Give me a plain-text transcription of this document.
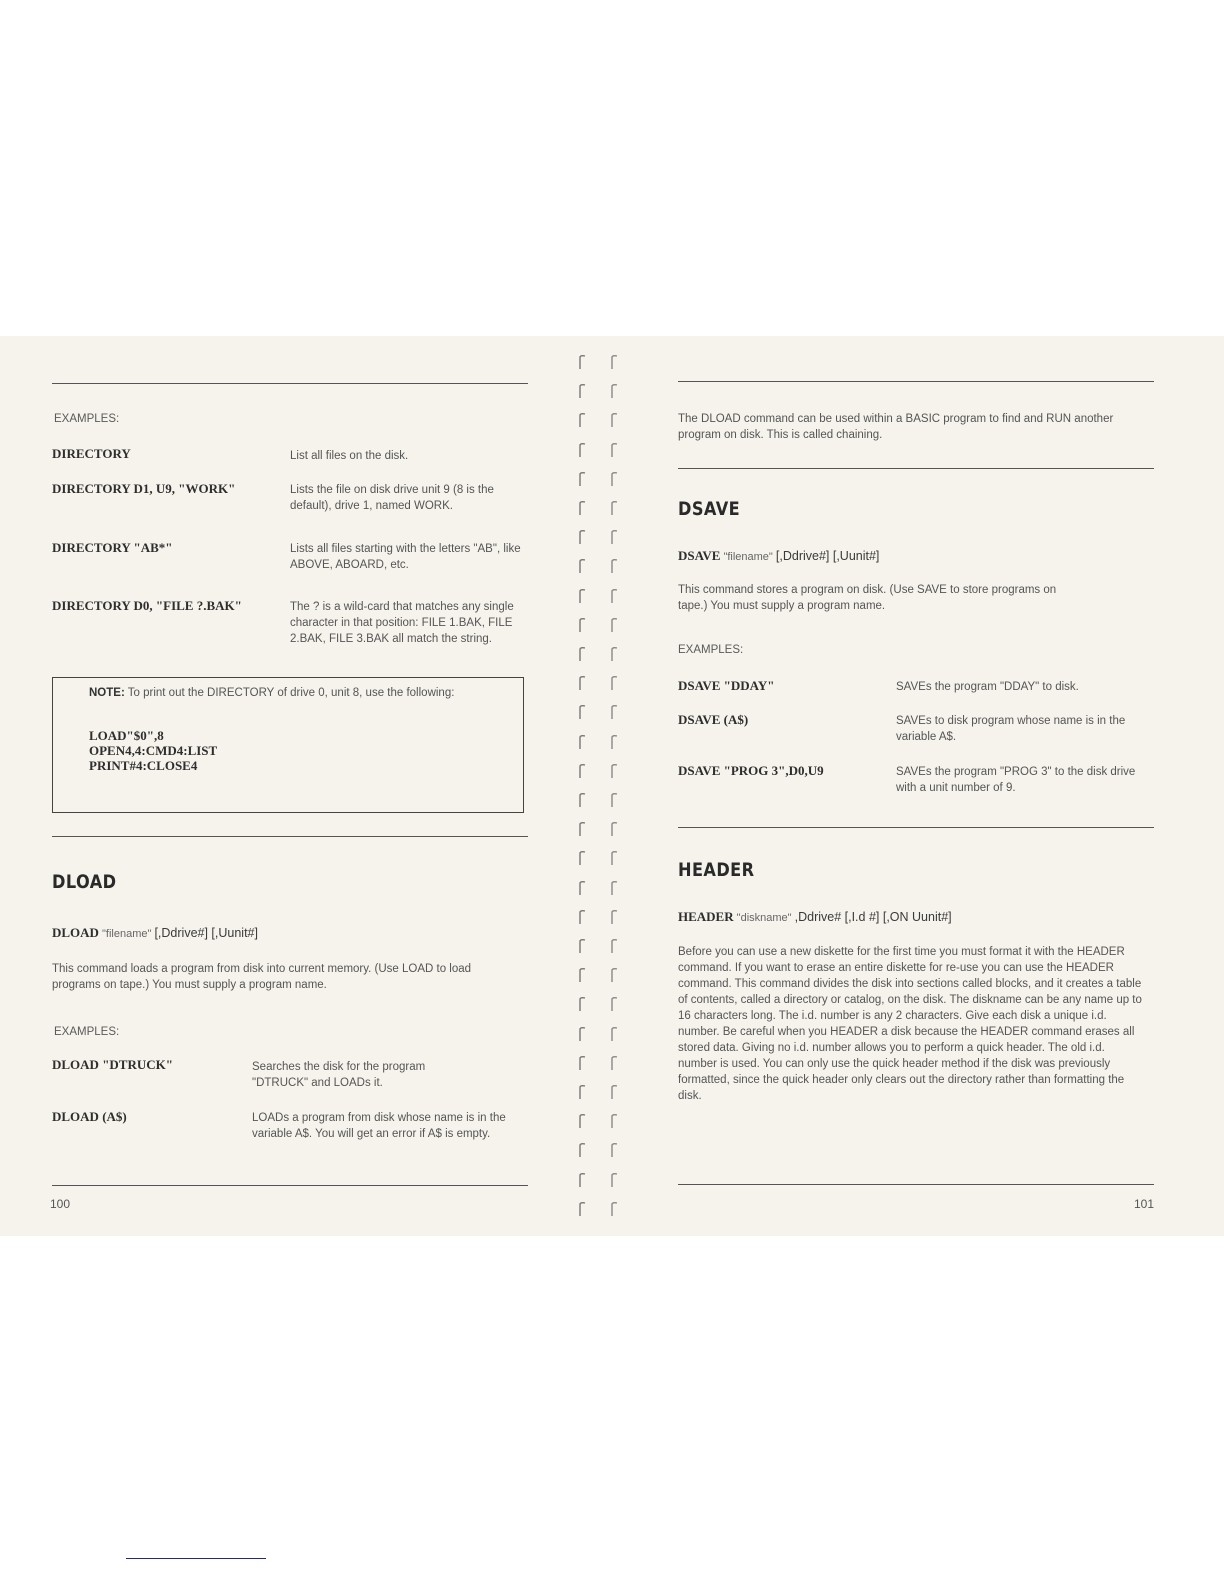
EXAMPLES:
DIRECTORY	List all files on the disk.
DIRECTORY D1, U9, "WORK"	Lists the file on disk drive unit 9 (8 is the default), drive 1, named WORK.
DIRECTORY "AB*"	Lists all files starting with the letters "AB", like ABOVE, ABOARD, etc.
DIRECTORY D0, "FILE ?.BAK"	The ? is a wild-card that matches any single character in that position: FILE 1.BAK, FILE 2.BAK, FILE 3.BAK all match the string.
NOTE: To print out the DIRECTORY of drive 0, unit 8, use the following:
LOAD"$0",8
OPEN4,4:CMD4:LIST
PRINT#4:CLOSE4
DLOAD
DLOAD "filename" [,Ddrive#] [,Uunit#]
This command loads a program from disk into current memory. (Use LOAD to load programs on tape.) You must supply a program name.
EXAMPLES:
DLOAD "DTRUCK"	Searches the disk for the program "DTRUCK" and LOADs it.
DLOAD (A$)	LOADs a program from disk whose name is in the variable A$. You will get an error if A$ is empty.
100
The DLOAD command can be used within a BASIC program to find and RUN another program on disk. This is called chaining.
DSAVE
DSAVE "filename" [,Ddrive#] [,Uunit#]
This command stores a program on disk. (Use SAVE to store programs on tape.) You must supply a program name.
EXAMPLES:
DSAVE "DDAY"	SAVEs the program "DDAY" to disk.
DSAVE (A$)	SAVEs to disk program whose name is in the variable A$.
DSAVE "PROG 3",D0,U9	SAVEs the program "PROG 3" to the disk drive with a unit number of 9.
HEADER
HEADER "diskname" ,Ddrive# [,I.d #] [,ON Uunit#]
Before you can use a new diskette for the first time you must format it with the HEADER command. If you want to erase an entire diskette for re-use you can use the HEADER command. This command divides the disk into sections called blocks, and it creates a table of contents, called a directory or catalog, on the disk. The diskname can be any name up to 16 characters long. The i.d. number is any 2 characters. Give each disk a unique i.d. number. Be careful when you HEADER a disk because the HEADER command erases all stored data. Giving no i.d. number allows you to perform a quick header. The old i.d. number is used. You can only use the quick header method if the disk was previously formatted, since the quick header only clears out the directory rather than formatting the disk.
101
